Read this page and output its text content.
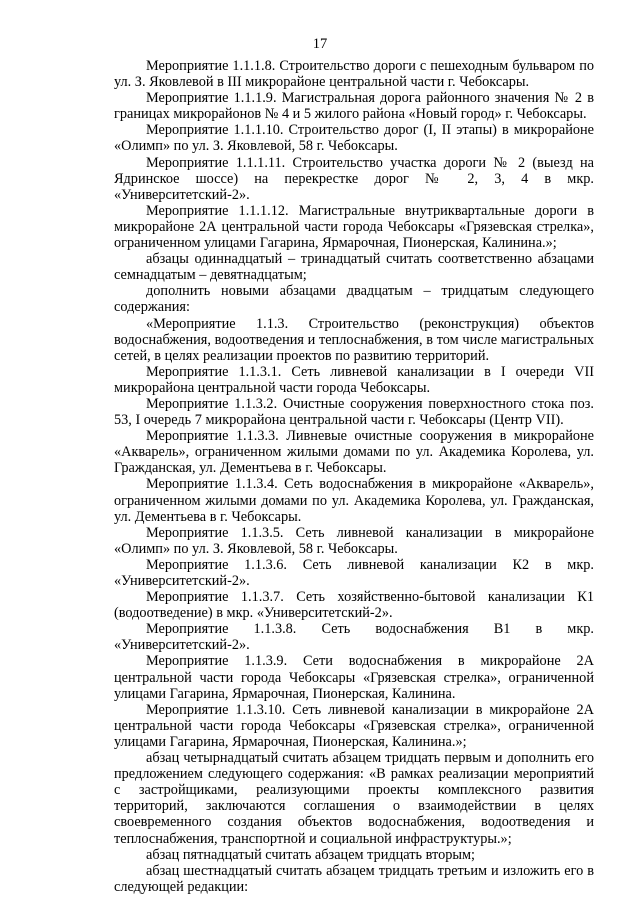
17

Мероприятие 1.1.1.8. Строительство дороги с пешеходным бульваром по ул. З. Яковлевой в III микрорайоне центральной части г. Чебоксары.

Мероприятие 1.1.1.9. Магистральная дорога районного значения № 2 в границах микрорайонов № 4 и 5 жилого района «Новый город» г. Чебоксары.

Мероприятие 1.1.1.10. Строительство дорог (I, II этапы) в микрорайоне «Олимп» по ул. З. Яковлевой, 58 г. Чебоксары.

Мероприятие 1.1.1.11. Строительство участка дороги № 2 (выезд на Ядринское шоссе) на перекрестке дорог № 2, 3, 4 в мкр. «Университетский-2».

Мероприятие 1.1.1.12. Магистральные внутриквартальные дороги в микрорайоне 2А центральной части города Чебоксары «Грязевская стрелка», ограниченном улицами Гагарина, Ярмарочная, Пионерская, Калинина.»;

абзацы одиннадцатый – тринадцатый считать соответственно абзацами семнадцатым – девятнадцатым;

дополнить новыми абзацами двадцатым – тридцатым следующего содержания:

«Мероприятие 1.1.3. Строительство (реконструкция) объектов водоснабжения, водоотведения и теплоснабжения, в том числе магистральных сетей, в целях реализации проектов по развитию территорий.

Мероприятие 1.1.3.1. Сеть ливневой канализации в I очереди VII микрорайона центральной части города Чебоксары.

Мероприятие 1.1.3.2. Очистные сооружения поверхностного стока поз. 53, I очередь 7 микрорайона центральной части г. Чебоксары (Центр VII).

Мероприятие 1.1.3.3. Ливневые очистные сооружения в микрорайоне «Акварель», ограниченном жилыми домами по ул. Академика Королева, ул. Гражданская, ул. Дементьева в г. Чебоксары.

Мероприятие 1.1.3.4. Сеть водоснабжения в микрорайоне «Акварель», ограниченном жилыми домами по ул. Академика Королева, ул. Гражданская, ул. Дементьева в г. Чебоксары.

Мероприятие 1.1.3.5. Сеть ливневой канализации в микрорайоне «Олимп» по ул. З. Яковлевой, 58 г. Чебоксары.

Мероприятие 1.1.3.6. Сеть ливневой канализации К2 в мкр. «Университетский-2».

Мероприятие 1.1.3.7. Сеть хозяйственно-бытовой канализации К1 (водоотведение) в мкр. «Университетский-2».

Мероприятие 1.1.3.8. Сеть водоснабжения В1 в мкр. «Университетский-2».

Мероприятие 1.1.3.9. Сети водоснабжения в микрорайоне 2А центральной части города Чебоксары «Грязевская стрелка», ограниченной улицами Гагарина, Ярмарочная, Пионерская, Калинина.

Мероприятие 1.1.3.10. Сеть ливневой канализации в микрорайоне 2А центральной части города Чебоксары «Грязевская стрелка», ограниченной улицами Гагарина, Ярмарочная, Пионерская, Калинина.»;

абзац четырнадцатый считать абзацем тридцать первым и дополнить его предложением следующего содержания: «В рамках реализации мероприятий с застройщиками, реализующими проекты комплексного развития территорий, заключаются соглашения о взаимодействии в целях своевременного создания объектов водоснабжения, водоотведения и теплоснабжения, транспортной и социальной инфраструктуры.»;

абзац пятнадцатый считать абзацем тридцать вторым;

абзац шестнадцатый считать абзацем тридцать третьим и изложить его в следующей редакции:
